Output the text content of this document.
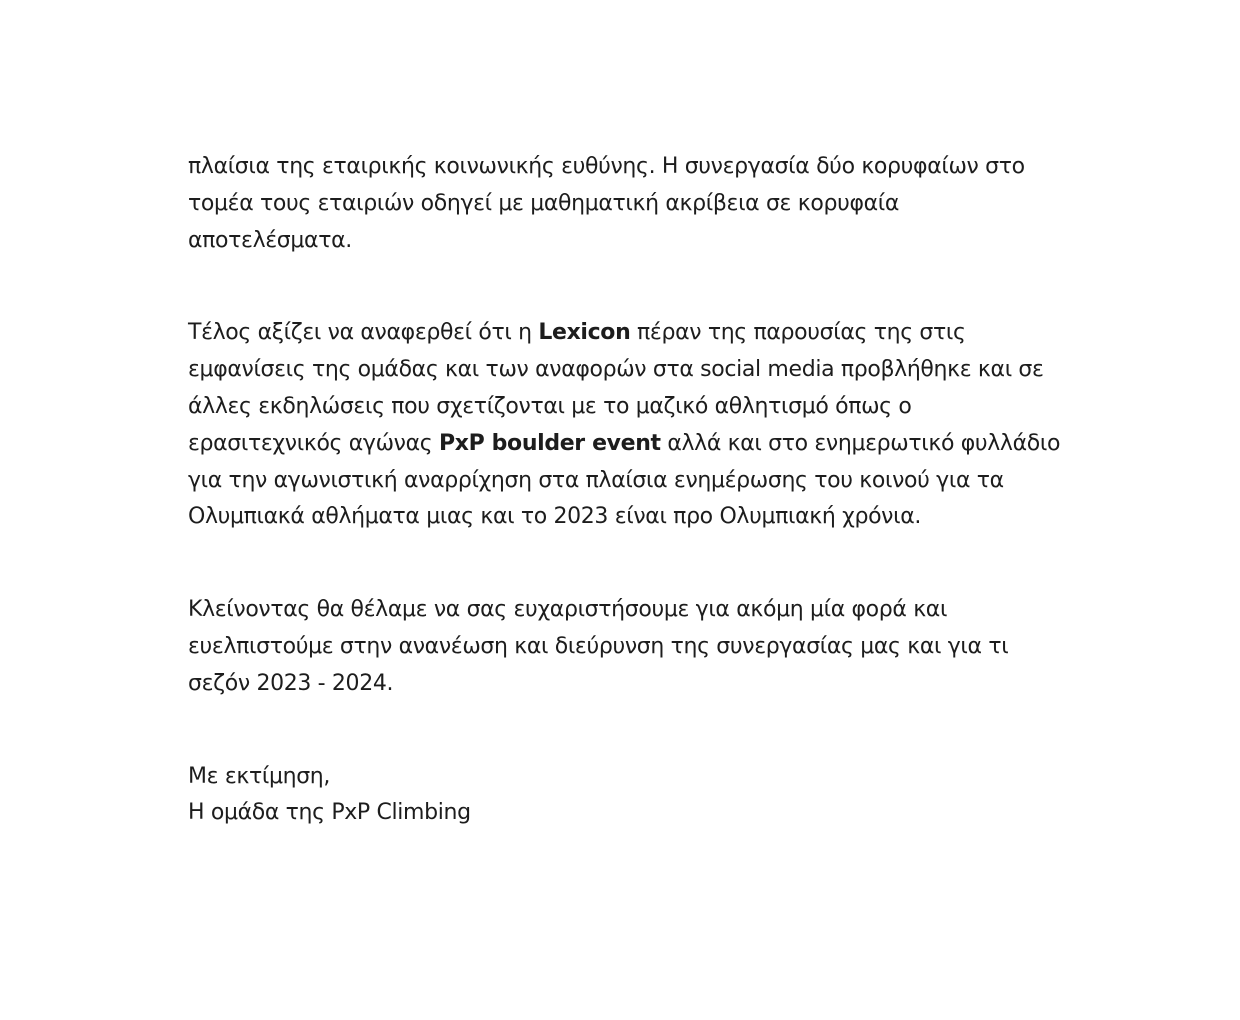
πλαίσια της εταιρικής κοινωνικής ευθύνης. Η συνεργασία δύο κορυφαίων στο

τομέα τους εταιριών οδηγεί με μαθηματική ακρίβεια σε κορυφαία

αποτελέσματα.

Τέλος αξίζει να αναφερθεί ότι η Lexicon πέραν της παρουσίας της στις

εμφανίσεις της ομάδας και των αναφορών στα social media προβλήθηκε και σε

άλλες εκδηλώσεις που σχετίζονται με το μαζικό αθλητισμό όπως ο

ερασιτεχνικός αγώνας PxP boulder event αλλά και στο ενημερωτικό φυλλάδιο

για την αγωνιστική αναρρίχηση στα πλαίσια ενημέρωσης του κοινού για τα

Ολυμπιακά αθλήματα μιας και το 2023 είναι προ Ολυμπιακή χρόνια.

Κλείνοντας θα θέλαμε να σας ευχαριστήσουμε για ακόμη μία φορά και

ευελπιστούμε στην ανανέωση και διεύρυνση της συνεργασίας μας και για τι

σεζόν 2023 - 2024.

Με εκτίμηση,

Η ομάδα της PxP Climbing
